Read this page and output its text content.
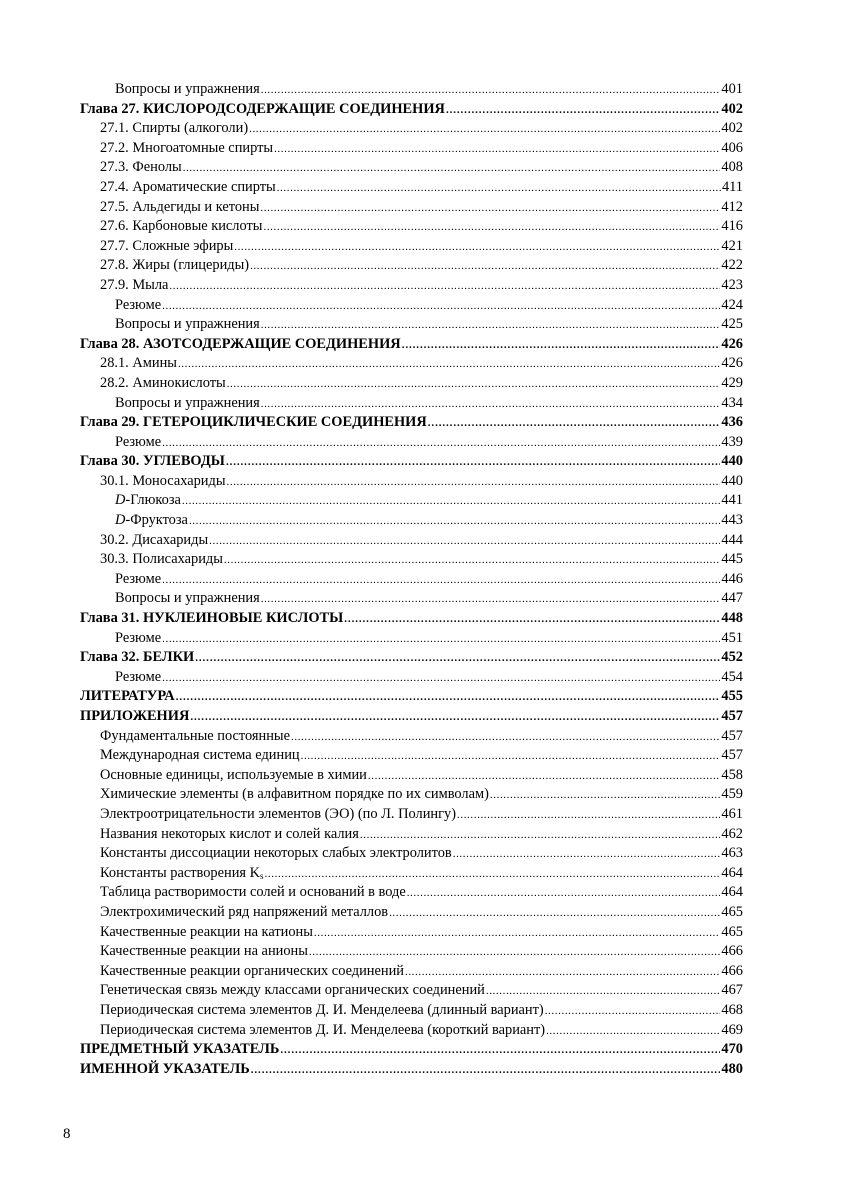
Вопросы и упражнения .....	401
Глава 27. КИСЛОРОДСОДЕРЖАЩИЕ СОЕДИНЕНИЯ .....	402
27.1. Спирты (алкоголи) .....	402
27.2. Многоатомные спирты .....	406
27.3. Фенолы .....	408
27.4. Ароматические спирты .....	411
27.5. Альдегиды и кетоны .....	412
27.6. Карбоновые кислоты .....	416
27.7. Сложные эфиры .....	421
27.8. Жиры (глицериды) .....	422
27.9. Мыла .....	423
Резюме .....	424
Вопросы и упражнения .....	425
Глава 28. АЗОТСОДЕРЖАЩИЕ СОЕДИНЕНИЯ .....	426
28.1. Амины .....	426
28.2. Аминокислоты .....	429
Вопросы и упражнения .....	434
Глава 29. ГЕТЕРОЦИКЛИЧЕСКИЕ СОЕДИНЕНИЯ .....	436
Резюме .....	439
Глава 30. УГЛЕВОДЫ .....	440
30.1. Моносахариды .....	440
D-Глюкоза .....	441
D-Фруктоза .....	443
30.2. Дисахариды .....	444
30.3. Полисахариды .....	445
Резюме .....	446
Вопросы и упражнения .....	447
Глава 31. НУКЛЕИНОВЫЕ КИСЛОТЫ .....	448
Резюме .....	451
Глава 32. БЕЛКИ .....	452
Резюме .....	454
ЛИТЕРАТУРА .....	455
ПРИЛОЖЕНИЯ .....	457
Фундаментальные постоянные .....	457
Международная система единиц .....	457
Основные единицы, используемые в химии .....	458
Химические элементы (в алфавитном порядке по их символам) .....	459
Электроотрицательности элементов (ЭО) (по Л. Полингу) .....	461
Названия некоторых кислот и солей калия .....	462
Константы диссоциации некоторых слабых электролитов .....	463
Константы растворения $K_s$ .....	464
Таблица растворимости солей и оснований в воде .....	464
Электрохимический ряд напряжений металлов .....	465
Качественные реакции на катионы .....	465
Качественные реакции на анионы .....	466
Качественные реакции органических соединений .....	466
Генетическая связь между классами органических соединений .....	467
Периодическая система элементов Д. И. Менделеева (длинный вариант) .....	468
Периодическая система элементов Д. И. Менделеева (короткий вариант) .....	469
ПРЕДМЕТНЫЙ УКАЗАТЕЛЬ .....	470
ИМЕННОЙ УКАЗАТЕЛЬ .....	480
8
